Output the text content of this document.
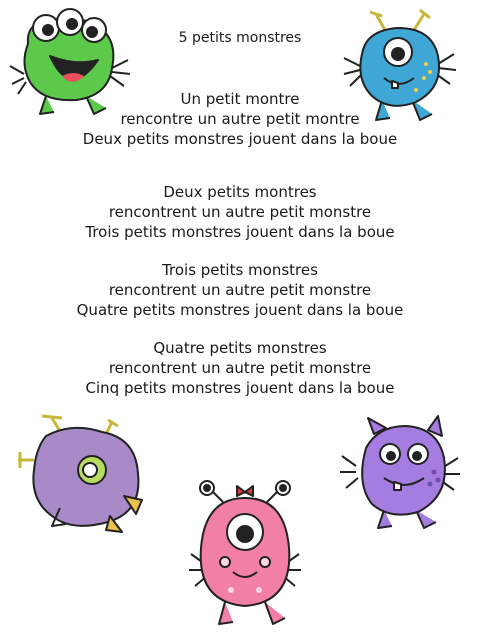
5 petits monstres
Un petit montre
rencontre un autre petit montre
Deux petits monstres jouent dans la boue
Deux petits montres
rencontrent un autre petit monstre
Trois petits monstres jouent dans la boue
Trois petits monstres
rencontrent un autre petit monstre
Quatre petits monstres jouent dans la boue
Quatre petits monstres
rencontrent un autre petit monstre
Cinq petits monstres jouent dans la boue
